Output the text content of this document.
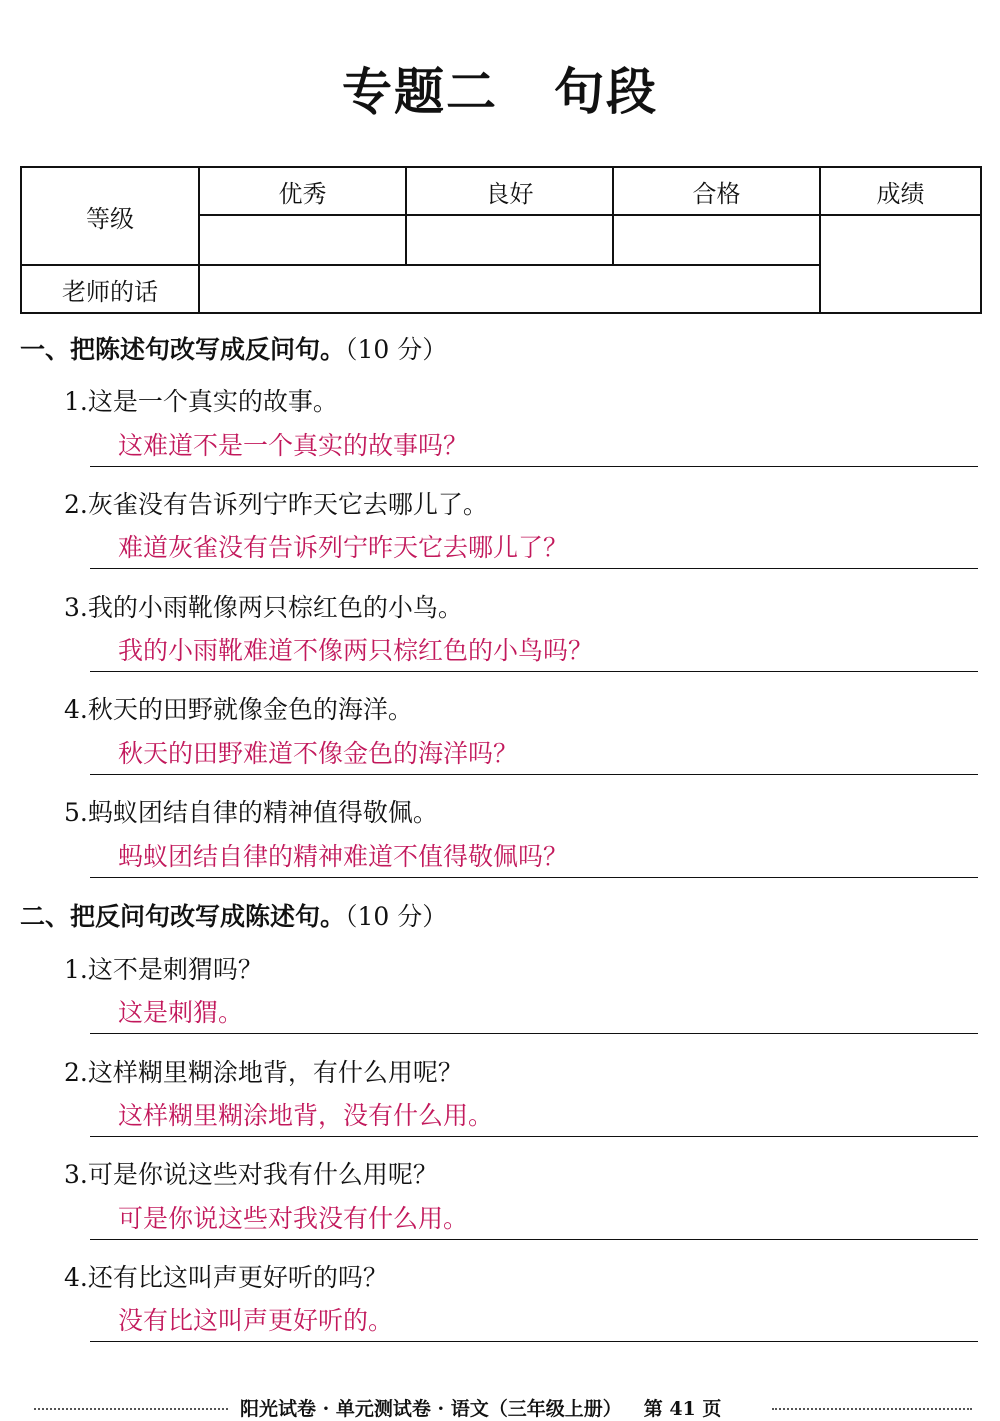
专题二 句段
等级	优秀	良好	合格	成绩

老师的话				
一、把陈述句改写成反问句。（10 分）
1.这是一个真实的故事。
这难道不是一个真实的故事吗？
2.灰雀没有告诉列宁昨天它去哪儿了。
难道灰雀没有告诉列宁昨天它去哪儿了？
3.我的小雨靴像两只棕红色的小鸟。
我的小雨靴难道不像两只棕红色的小鸟吗？
4.秋天的田野就像金色的海洋。
秋天的田野难道不像金色的海洋吗？
5.蚂蚁团结自律的精神值得敬佩。
蚂蚁团结自律的精神难道不值得敬佩吗？
二、把反问句改写成陈述句。（10 分）
1.这不是刺猬吗？
这是刺猬。
2.这样糊里糊涂地背，有什么用呢？
这样糊里糊涂地背，没有什么用。
3.可是你说这些对我有什么用呢？
可是你说这些对我没有什么用。
4.还有比这叫声更好听的吗？
没有比这叫声更好听的。
阳光试卷 · 单元测试卷 · 语文（三年级上册） 第 41 页
